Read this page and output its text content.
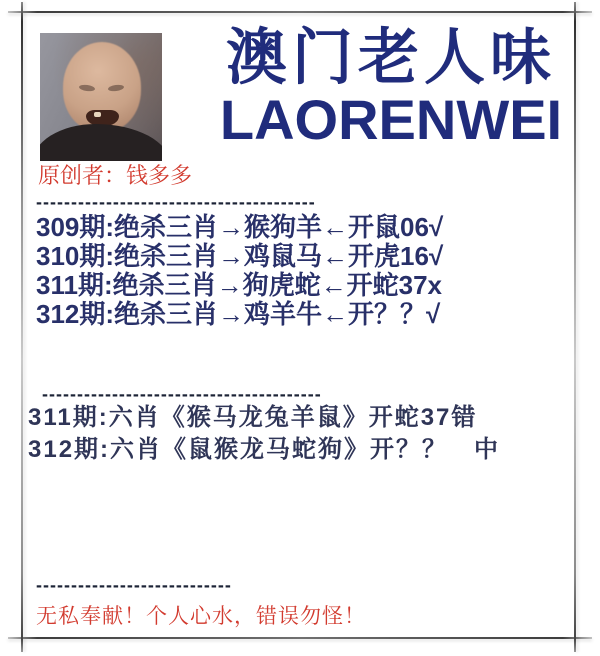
澳门老人味
LAORENWEI
原创者：钱多多
----------------------------------------
309期:绝杀三肖→猴狗羊←开鼠06√
310期:绝杀三肖→鸡鼠马←开虎16√
311期:绝杀三肖→狗虎蛇←开蛇37x
312期:绝杀三肖→鸡羊牛←开？？√
----------------------------------------
311期:六肖《猴马龙兔羊鼠》开蛇37错
312期:六肖《鼠猴龙马蛇狗》开？？　中
----------------------------
无私奉献！个人心水，错误勿怪！
